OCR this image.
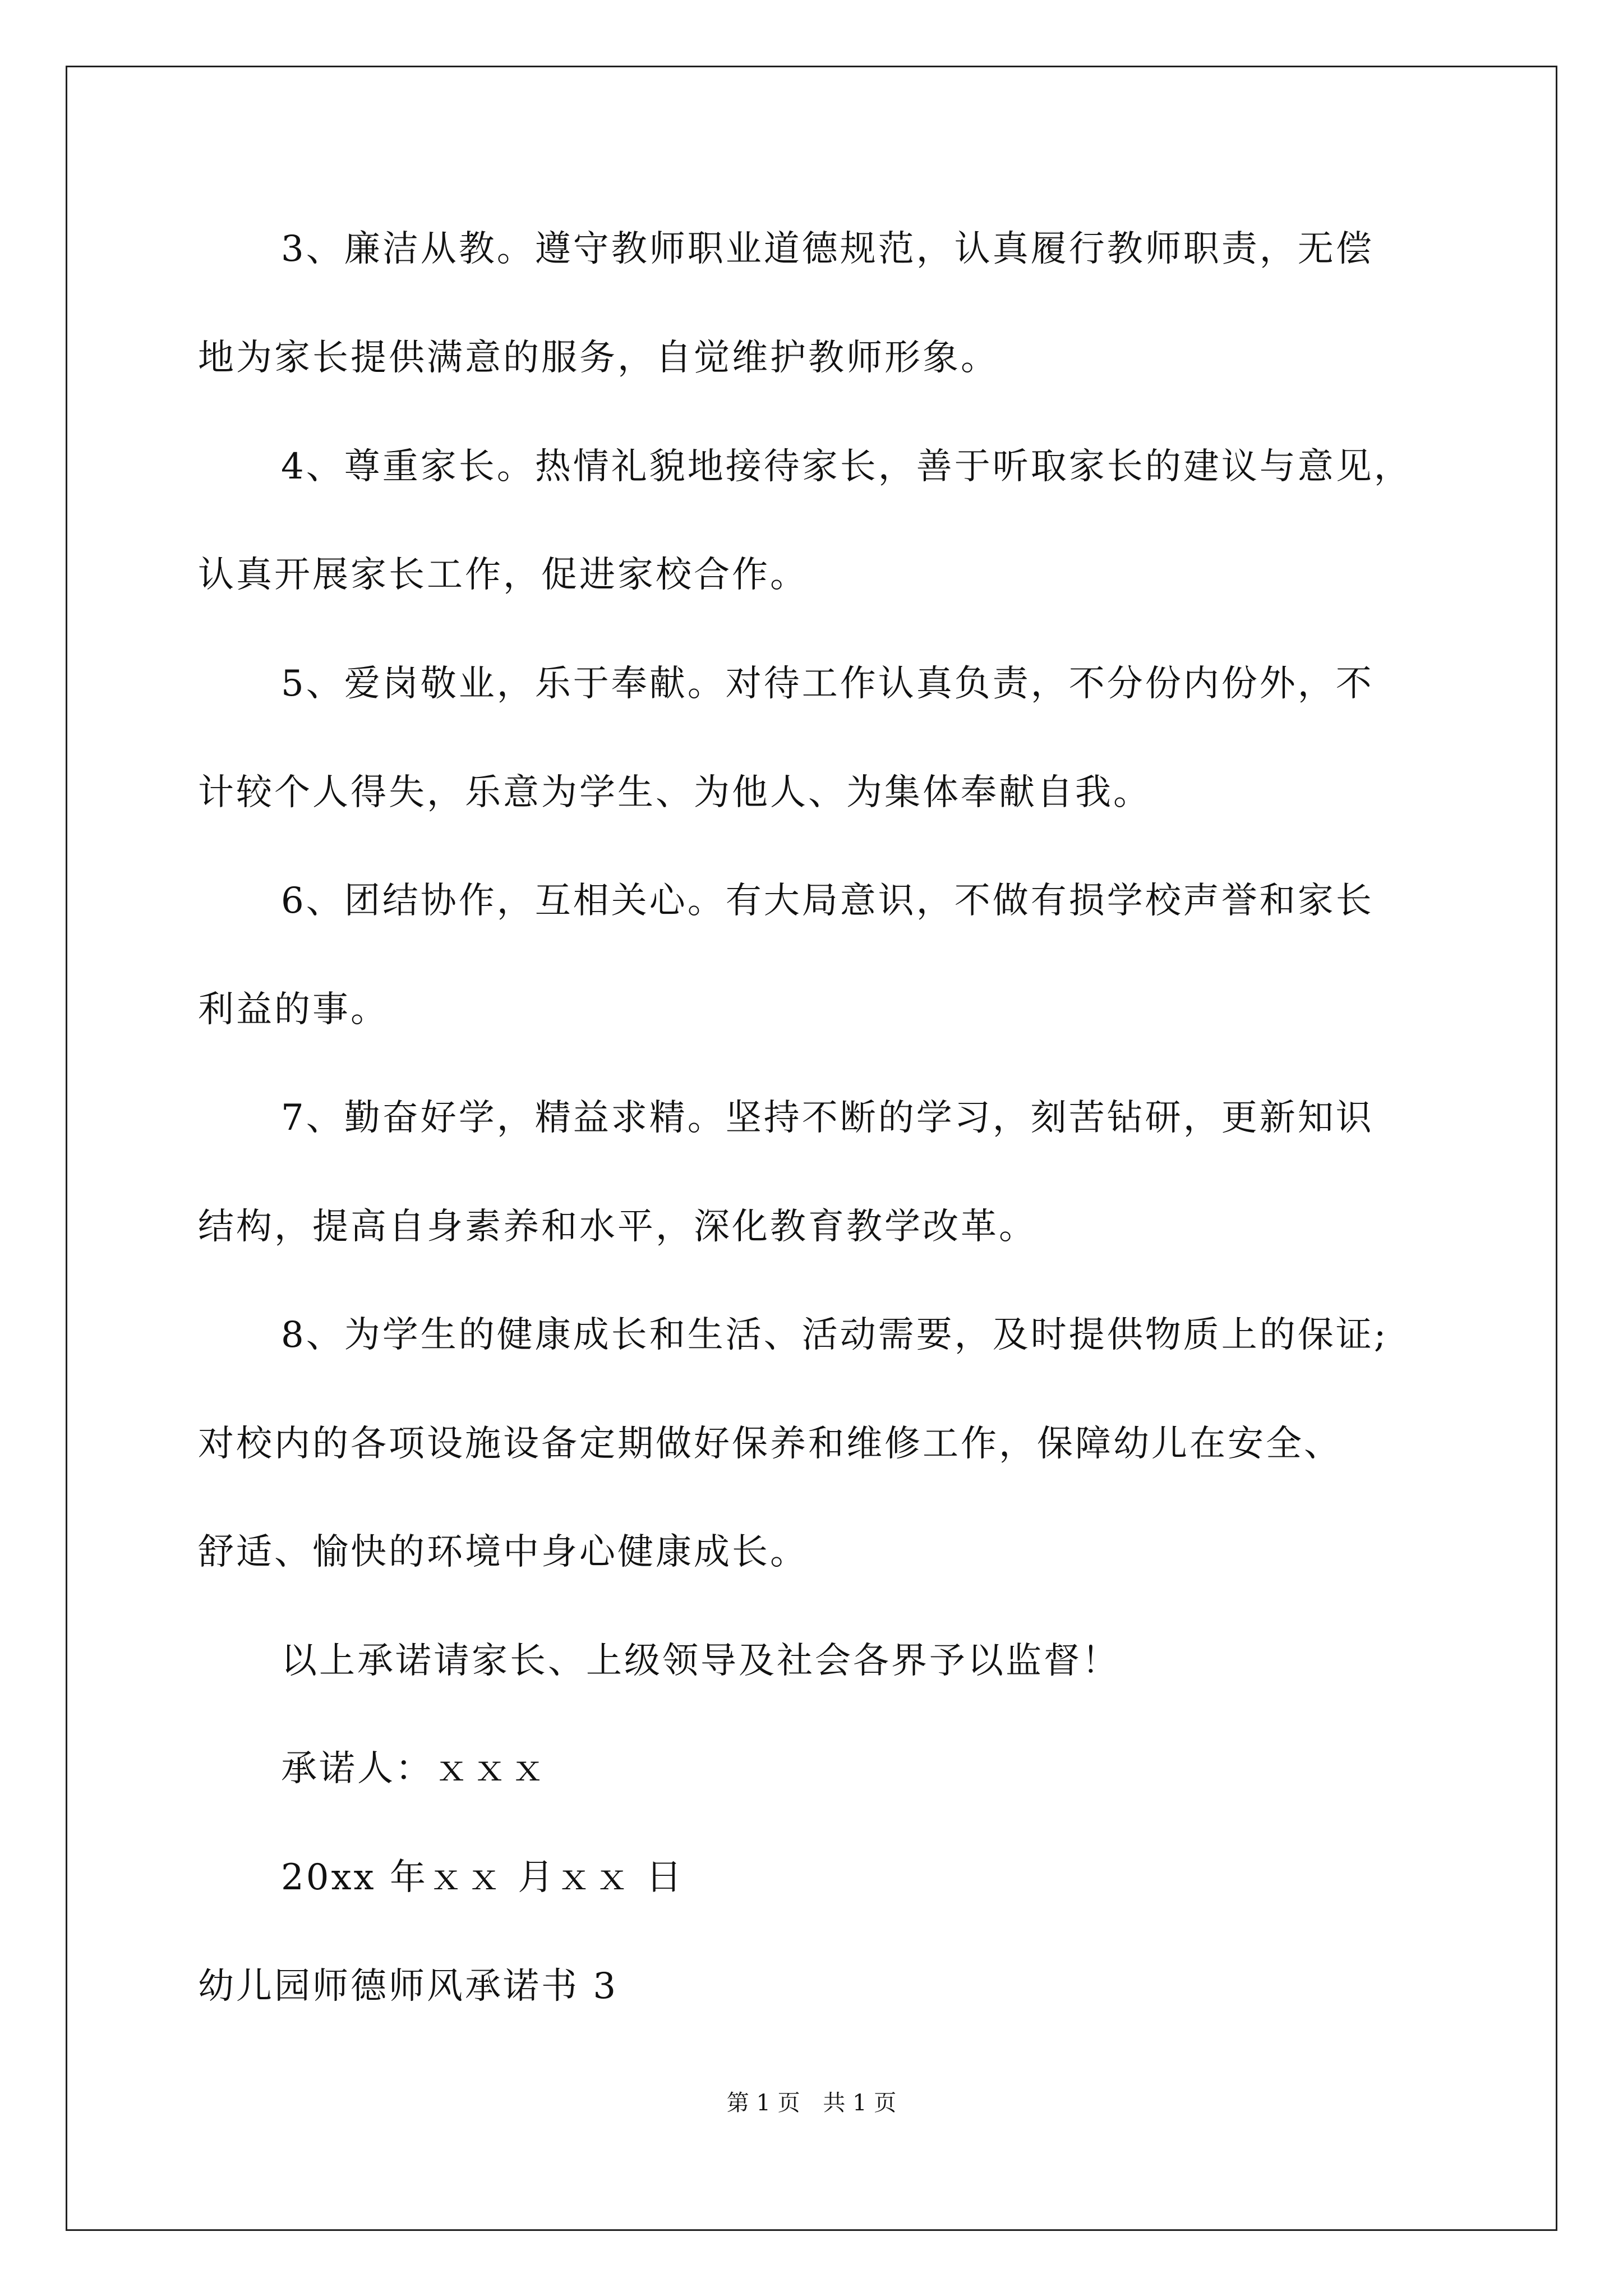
3、廉洁从教。遵守教师职业道德规范，认真履行教师职责，无偿
地为家长提供满意的服务，自觉维护教师形象。
4、尊重家长。热情礼貌地接待家长，善于听取家长的建议与意见，
认真开展家长工作，促进家校合作。
5、爱岗敬业，乐于奉献。对待工作认真负责，不分份内份外，不
计较个人得失，乐意为学生、为他人、为集体奉献自我。
6、团结协作，互相关心。有大局意识，不做有损学校声誉和家长
利益的事。
7、勤奋好学，精益求精。坚持不断的学习，刻苦钻研，更新知识
结构，提高自身素养和水平，深化教育教学改革。
8、为学生的健康成长和生活、活动需要，及时提供物质上的保证;
对校内的各项设施设备定期做好保养和维修工作，保障幼儿在安全、
舒适、愉快的环境中身心健康成长。
以上承诺请家长、上级领导及社会各界予以监督！
承诺人：ｘｘｘ
20xx 年ｘｘ 月ｘｘ 日
幼儿园师德师风承诺书 3
第 1 页 共 1 页
